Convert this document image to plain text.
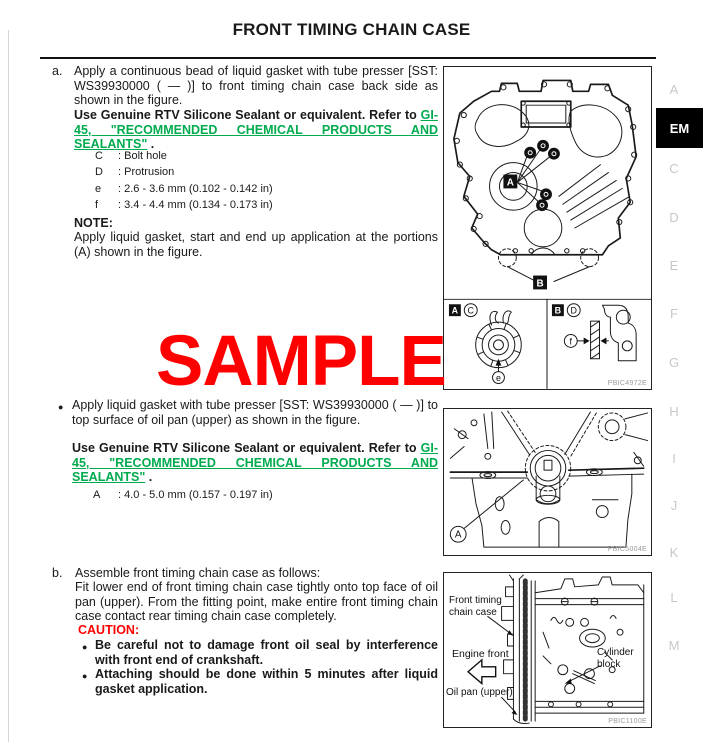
FRONT TIMING CHAIN CASE
a. Apply a continuous bead of liquid gasket with tube presser [SST: WS39930000 ( — )] to front timing chain case back side as shown in the figure.

Use Genuine RTV Silicone Sealant or equivalent. Refer to GI-45, "RECOMMENDED CHEMICAL PRODUCTS AND SEALANTS" .

C : Bolt hole
D : Protrusion
e : 2.6 - 3.6 mm (0.102 - 0.142 in)
f : 3.4 - 4.4 mm (0.134 - 0.173 in)
NOTE:

Apply liquid gasket, start and end up application at the portions (A) shown in the figure.

SAMPLE
● Apply liquid gasket with tube presser [SST: WS39930000 ( — )] to top surface of oil pan (upper) as shown in the figure.

Use Genuine RTV Silicone Sealant or equivalent. Refer to GI-45, "RECOMMENDED CHEMICAL PRODUCTS AND SEALANTS" .

A : 4.0 - 5.0 mm (0.157 - 0.197 in)
b. Assemble front timing chain case as follows:

Fit lower end of front timing chain case tightly onto top face of oil pan (upper). From the fitting point, make entire front timing chain case contact rear timing chain case completely.

CAUTION:
● Be careful not to damage front oil seal by interference with front end of crankshaft.

● Attaching should be done within 5 minutes after liquid gasket application.

A
B
A C
e
B D
f
PBIC4972E
A
PBIC5004E
Front timing
chain case
Engine front
Oil pan (upper)
Cylinder
block
PBIC1100E
A
EM
C
D
E
F
G
H
I
J
K
L
M
